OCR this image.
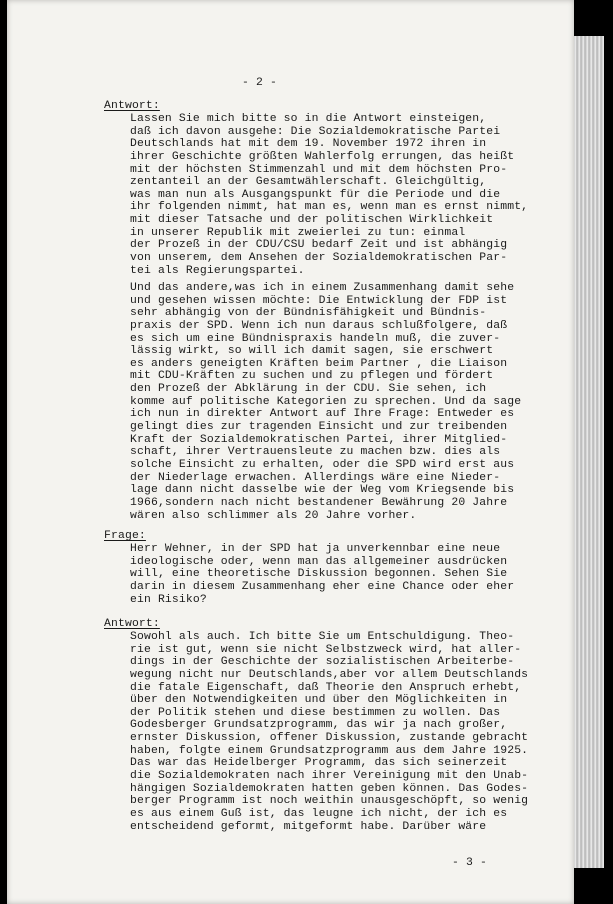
- 2 -
Antwort:
Lassen Sie mich bitte so in die Antwort einsteigen,
daß ich davon ausgehe: Die Sozialdemokratische Partei
Deutschlands hat mit dem 19. November 1972 ihren in
ihrer Geschichte größten Wahlerfolg errungen, das heißt
mit der höchsten Stimmenzahl und mit dem höchsten Pro-
zentanteil an der Gesamtwählerschaft. Gleichgültig,
was man nun als Ausgangspunkt für die Periode und die
ihr folgenden nimmt, hat man es, wenn man es ernst nimmt,
mit dieser Tatsache und der politischen Wirklichkeit
in unserer Republik mit zweierlei zu tun: einmal
der Prozeß in der CDU/CSU bedarf Zeit und ist abhängig
von unserem, dem Ansehen der Sozialdemokratischen Par-
tei als Regierungspartei.
Und das andere,was ich in einem Zusammenhang damit sehe
und gesehen wissen möchte: Die Entwicklung der FDP ist
sehr abhängig von der Bündnisfähigkeit und Bündnis-
praxis der SPD. Wenn ich nun daraus schlußfolgere, daß
es sich um eine Bündnispraxis handeln muß, die zuver-
lässig wirkt, so will ich damit sagen, sie erschwert
es anders geneigten Kräften beim Partner , die Liaison
mit CDU-Kräften zu suchen und zu pflegen und fördert
den Prozeß der Abklärung in der CDU. Sie sehen, ich
komme auf politische Kategorien zu sprechen. Und da sage
ich nun in direkter Antwort auf Ihre Frage: Entweder es
gelingt dies zur tragenden Einsicht und zur treibenden
Kraft der Sozialdemokratischen Partei, ihrer Mitglied-
schaft, ihrer Vertrauensleute zu machen bzw. dies als
solche Einsicht zu erhalten, oder die SPD wird erst aus
der Niederlage erwachen. Allerdings wäre eine Nieder-
lage dann nicht dasselbe wie der Weg vom Kriegsende bis
1966,sondern nach nicht bestandener Bewährung 20 Jahre
wären also schlimmer als 20 Jahre vorher.
Frage:
Herr Wehner, in der SPD hat ja unverkennbar eine neue
ideologische oder, wenn man das allgemeiner ausdrücken
will, eine theoretische Diskussion begonnen. Sehen Sie
darin in diesem Zusammenhang eher eine Chance oder eher
ein Risiko?
Antwort:
Sowohl als auch. Ich bitte Sie um Entschuldigung. Theo-
rie ist gut, wenn sie nicht Selbstzweck wird, hat aller-
dings in der Geschichte der sozialistischen Arbeiterbe-
wegung nicht nur Deutschlands,aber vor allem Deutschlands
die fatale Eigenschaft, daß Theorie den Anspruch erhebt,
über den Notwendigkeiten und über den Möglichkeiten in
der Politik stehen und diese bestimmen zu wollen. Das
Godesberger Grundsatzprogramm, das wir ja nach großer,
ernster Diskussion, offener Diskussion, zustande gebracht
haben, folgte einem Grundsatzprogramm aus dem Jahre 1925.
Das war das Heidelberger Programm, das sich seinerzeit
die Sozialdemokraten nach ihrer Vereinigung mit den Unab-
hängigen Sozialdemokraten hatten geben können. Das Godes-
berger Programm ist noch weithin unausgeschöpft, so wenig
es aus einem Guß ist, das leugne ich nicht, der ich es
entscheidend geformt, mitgeformt habe. Darüber wäre
- 3 -
